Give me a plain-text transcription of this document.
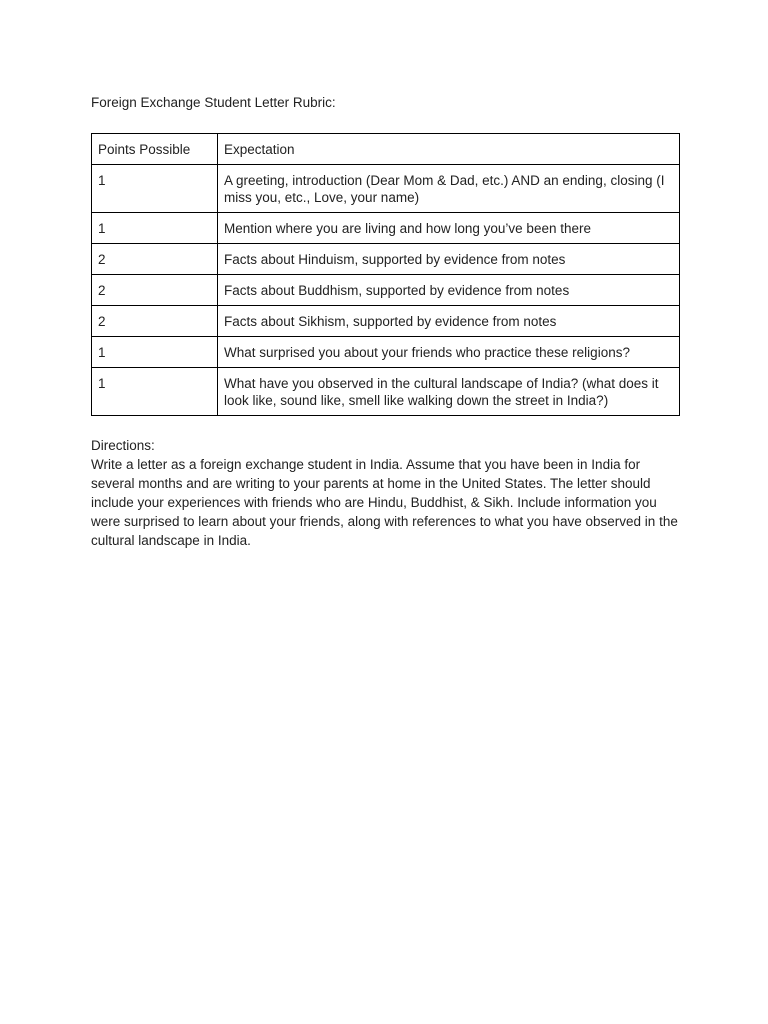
Foreign Exchange Student Letter Rubric:

Points Possible	Expectation
1	A greeting, introduction (Dear Mom & Dad, etc.) AND an ending, closing (I miss you, etc., Love, your name)
1	Mention where you are living and how long you’ve been there
2	Facts about Hinduism, supported by evidence from notes
2	Facts about Buddhism, supported by evidence from notes
2	Facts about Sikhism, supported by evidence from notes
1	What surprised you about your friends who practice these religions?
1	What have you observed in the cultural landscape of India? (what does it look like, sound like, smell like walking down the street in India?)

Directions:

Write a letter as a foreign exchange student in India. Assume that you have been in India for several months and are writing to your parents at home in the United States. The letter should include your experiences with friends who are Hindu, Buddhist, & Sikh. Include information you were surprised to learn about your friends, along with references to what you have observed in the cultural landscape in India.
